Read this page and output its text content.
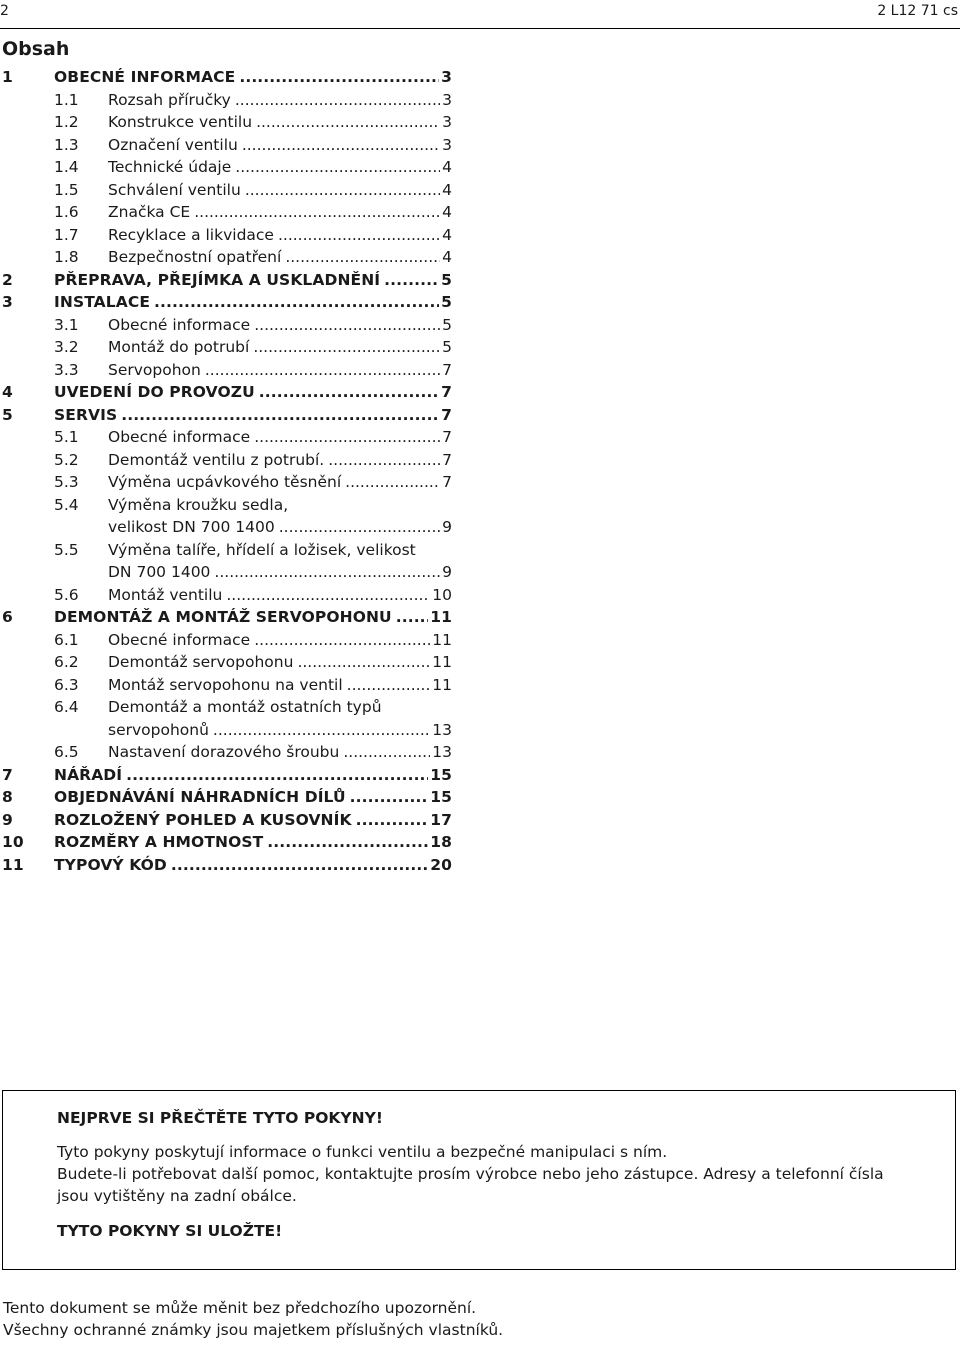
2	2 L12 71 cs
Obsah
1	OBECNÉ INFORMACE .....	3
1.1 Rozsah příručky .....	3
1.2 Konstrukce ventilu .....	3
1.3 Označení ventilu .....	3
1.4 Technické údaje .....	4
1.5 Schválení ventilu .....	4
1.6 Značka CE .....	4
1.7 Recyklace a likvidace .....	4
1.8 Bezpečnostní opatření .....	4
2	PŘEPRAVA, PŘEJÍMKA A USKLADNĚNÍ .....	5
3	INSTALACE .....	5
3.1 Obecné informace .....	5
3.2 Montáž do potrubí .....	5
3.3 Servopohon .....	7
4	UVEDENÍ DO PROVOZU .....	7
5	SERVIS .....	7
5.1 Obecné informace .....	7
5.2 Demontáž ventilu z potrubí. .....	7
5.3 Výměna ucpávkového těsnění .....	7
5.4 Výměna kroužku sedla,
velikost DN 700 1400 .....	9
5.5 Výměna talíře, hřídelí a ložisek, velikost
DN 700 1400 .....	9
5.6 Montáž ventilu .....	10
6	DEMONTÁŽ A MONTÁŽ SERVOPOHONU ..... 11
6.1 Obecné informace .....	11
6.2 Demontáž servopohonu .....	11
6.3 Montáž servopohonu na ventil .....	11
6.4 Demontáž a montáž ostatních typů
servopohonů .....	13
6.5 Nastavení dorazového šroubu .....	13
7	NÁŘADÍ .....	15
8	OBJEDNÁVÁNÍ NÁHRADNÍCH DÍLŮ .....	15
9	ROZLOŽENÝ POHLED A KUSOVNÍK .....	17
10 ROZMĚRY A HMOTNOST .....	18
11 TYPOVÝ KÓD .....	20
NEJPRVE SI PŘEČTĚTE TYTO POKYNY!
Tyto pokyny poskytují informace o funkci ventilu a bezpečné manipulaci s ním.
Budete-li potřebovat další pomoc, kontaktujte prosím výrobce nebo jeho zástupce. Adresy a telefonní čísla
jsou vytištěny na zadní obálce.
TYTO POKYNY SI ULOŽTE!
Tento dokument se může měnit bez předchozího upozornění.
Všechny ochranné známky jsou majetkem příslušných vlastníků.
